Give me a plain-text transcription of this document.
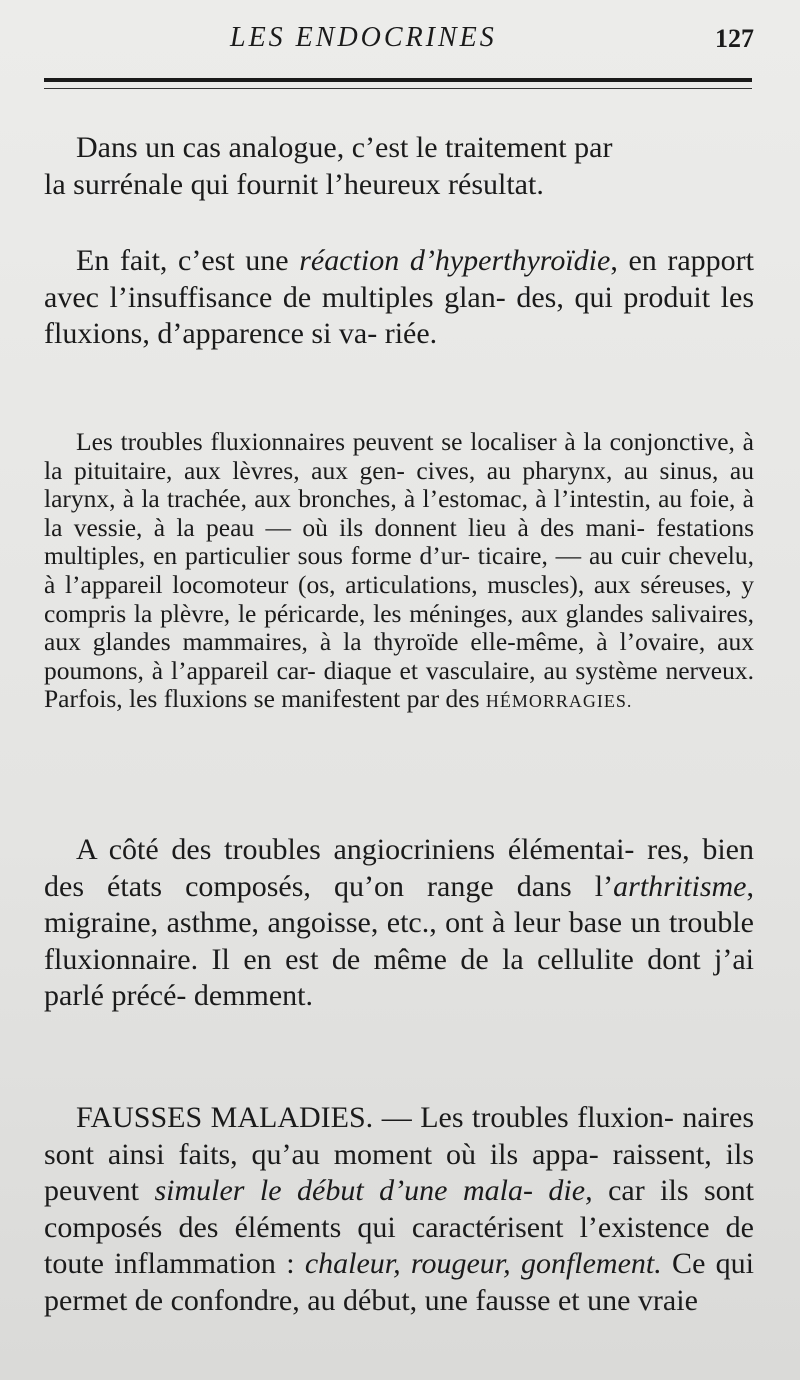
LES ENDOCRINES	127

Dans un cas analogue, c’est le traitement par
la surrénale qui fournit l’heureux résultat.

En fait, c’est une réaction d’hyperthyroïdie, en rapport avec l’insuffisance de multiples glan- des, qui produit les fluxions, d’apparence si va- riée.

Les troubles fluxionnaires peuvent se localiser à la conjonctive, à la pituitaire, aux lèvres, aux gen- cives, au pharynx, au sinus, au larynx, à la trachée, aux bronches, à l’estomac, à l’intestin, au foie, à la vessie, à la peau — où ils donnent lieu à des mani- festations multiples, en particulier sous forme d’ur- ticaire, — au cuir chevelu, à l’appareil locomoteur (os, articulations, muscles), aux séreuses, y compris la plèvre, le péricarde, les méninges, aux glandes salivaires, aux glandes mammaires, à la thyroïde elle-même, à l’ovaire, aux poumons, à l’appareil car- diaque et vasculaire, au système nerveux. Parfois, les fluxions se manifestent par des HÉMORRAGIES.

A côté des troubles angiocriniens élémentai- res, bien des états composés, qu’on range dans l’arthritisme, migraine, asthme, angoisse, etc., ont à leur base un trouble fluxionnaire. Il en est de même de la cellulite dont j’ai parlé précé- demment.

FAUSSES MALADIES. — Les troubles fluxion- naires sont ainsi faits, qu’au moment où ils appa- raissent, ils peuvent simuler le début d’une mala- die, car ils sont composés des éléments qui caractérisent l’existence de toute inflammation : chaleur, rougeur, gonflement. Ce qui permet de confondre, au début, une fausse et une vraie
